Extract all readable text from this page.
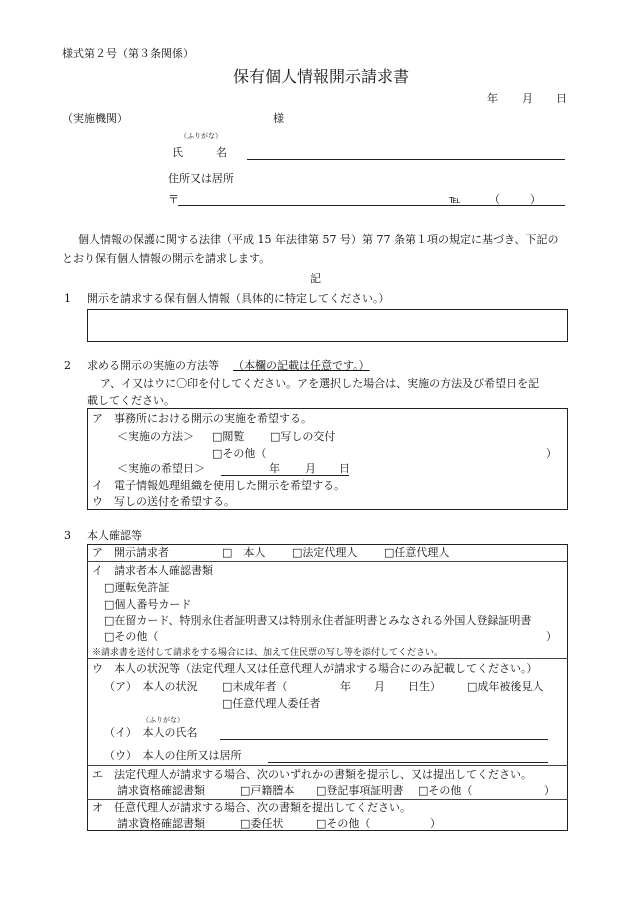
様式第２号（第３条関係）
保有個人情報開示請求書
年 月 日
（実施機関）	様
（ふりがな）
氏　　　名
住所又は居所
〒	℡	（	）
個人情報の保護に関する法律（平成 15 年法律第 57 号）第 77 条第１項の規定に基づき、下記の
とおり保有個人情報の開示を請求します。
記
1 開示を請求する保有個人情報（具体的に特定してください。）
2 求める開示の実施の方法等 （本欄の記載は任意です。）
ア、イ又はウに〇印を付してください。アを選択した場合は、実施の方法及び希望日を記
載してください。
ア　事務所における開示の実施を希望する。
＜実施の方法＞ □閲覧 □写しの交付
□その他（	）
＜実施の希望日＞	年 月 日
イ　電子情報処理組織を使用した開示を希望する。
ウ　写しの送付を希望する。
3 本人確認等
ア　開示請求者	□　本人 □法定代理人 □任意代理人
イ　請求者本人確認書類
□運転免許証
□個人番号カード
□在留カード、特別永住者証明書又は特別永住者証明書とみなされる外国人登録証明書
□その他（	）
※請求書を送付して請求をする場合には、加えて住民票の写し等を添付してください。
ウ　本人の状況等（法定代理人又は任意代理人が請求する場合にのみ記載してください。）
（ア）　本人の状況 □未成年者（	年 月 日生） □成年被後見人
□任意代理人委任者
（ふりがな）
（イ）　本人の氏名
（ウ）　本人の住所又は居所
エ　法定代理人が請求する場合、次のいずれかの書類を提示し、又は提出してください。
請求資格確認書類	□戸籍謄本 □登記事項証明書 □その他（	）
オ　任意代理人が請求する場合、次の書類を提出してください。
請求資格確認書類	□委任状	□その他（	）
